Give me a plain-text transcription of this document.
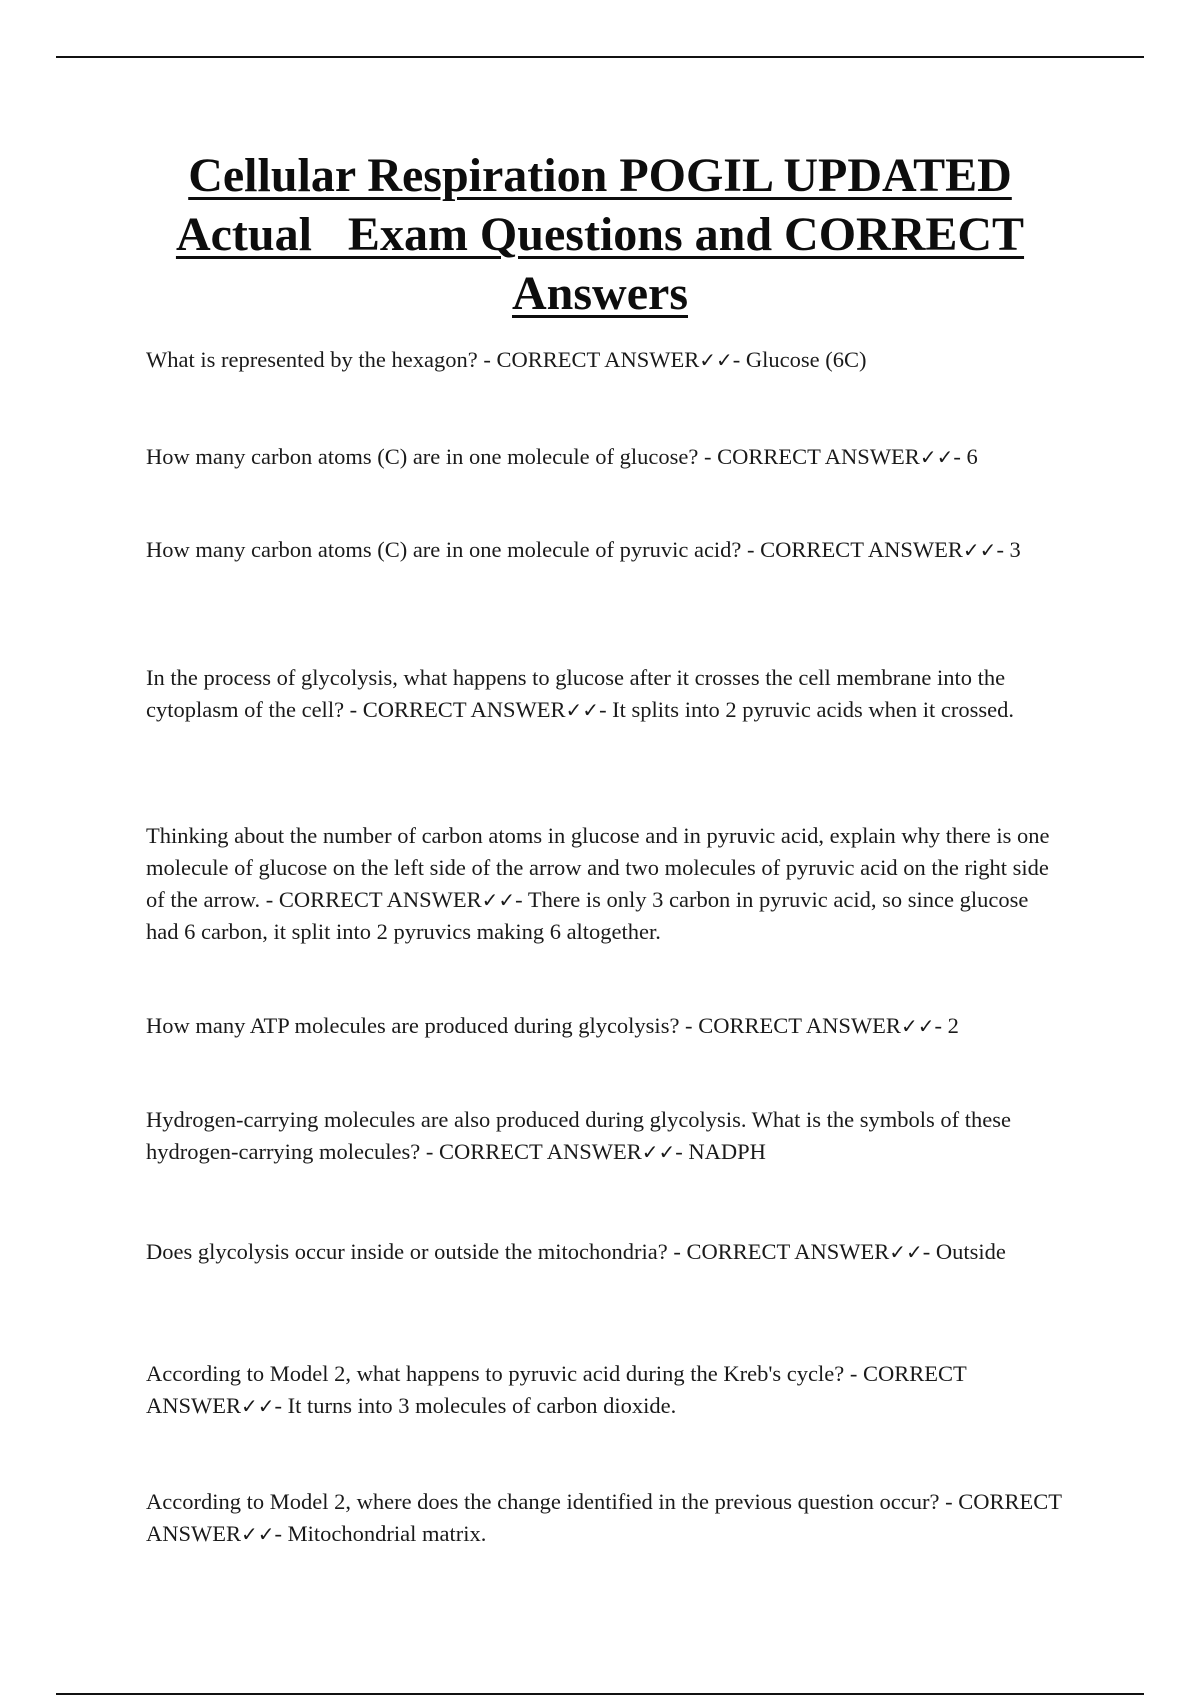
Cellular Respiration POGIL UPDATED
Actual   Exam Questions and CORRECT
Answers

What is represented by the hexagon? - CORRECT ANSWER✓✓- Glucose (6C)

How many carbon atoms (C) are in one molecule of glucose? - CORRECT ANSWER✓✓- 6

How many carbon atoms (C) are in one molecule of pyruvic acid? - CORRECT ANSWER✓✓- 3

In the process of glycolysis, what happens to glucose after it crosses the cell membrane into the cytoplasm of the cell? - CORRECT ANSWER✓✓- It splits into 2 pyruvic acids when it crossed.

Thinking about the number of carbon atoms in glucose and in pyruvic acid, explain why there is one molecule of glucose on the left side of the arrow and two molecules of pyruvic acid on the right side of the arrow. - CORRECT ANSWER✓✓- There is only 3 carbon in pyruvic acid, so since glucose had 6 carbon, it split into 2 pyruvics making 6 altogether.

How many ATP molecules are produced during glycolysis? - CORRECT ANSWER✓✓- 2

Hydrogen-carrying molecules are also produced during glycolysis. What is the symbols of these hydrogen-carrying molecules? - CORRECT ANSWER✓✓- NADPH

Does glycolysis occur inside or outside the mitochondria? - CORRECT ANSWER✓✓- Outside

According to Model 2, what happens to pyruvic acid during the Kreb's cycle? - CORRECT ANSWER✓✓- It turns into 3 molecules of carbon dioxide.

According to Model 2, where does the change identified in the previous question occur? - CORRECT ANSWER✓✓- Mitochondrial matrix.
